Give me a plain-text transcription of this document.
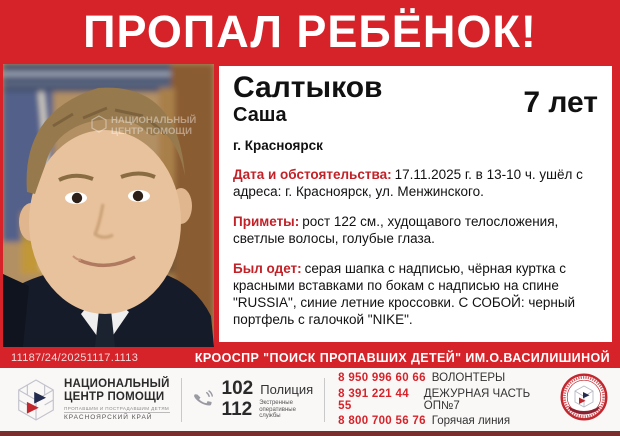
ПРОПАЛ РЕБЁНОК!
НАЦИОНАЛЬНЫЙ
ЦЕНТР ПОМОЩИ
Салтыков
Саша	7 лет
г. Красноярск

Дата и обстоятельства: 17.11.2025 г. в 13-10 ч. ушёл с адреса: г. Красноярск, ул. Менжинского.

Приметы: рост 122 см., худощавого телосложения, светлые волосы, голубые глаза.

Был одет: серая шапка с надписью, чёрная куртка с красными вставками по бокам с надписью на спине "RUSSIA", синие летние кроссовки. С СОБОЙ: черный портфель с галочкой "NIKE".

11187/24/20251117.1113	КРООСПР "ПОИСК ПРОПАВШИХ ДЕТЕЙ" ИМ.О.ВАСИЛИШИНОЙ
НАЦИОНАЛЬНЫЙ
ЦЕНТР ПОМОЩИ
ПРОПАВШИМ И ПОСТРАДАВШИМ ДЕТЯМ
КРАСНОЯРСКИЙ КРАЙ
102 Полиция
112 Экстренные оперативные службы
8 950 996 60 66 ВОЛОНТЕРЫ
8 391 221 44 55
ДЕЖУРНАЯ ЧАСТЬ ОП№7
8 800 700 56 76 Горячая линия
